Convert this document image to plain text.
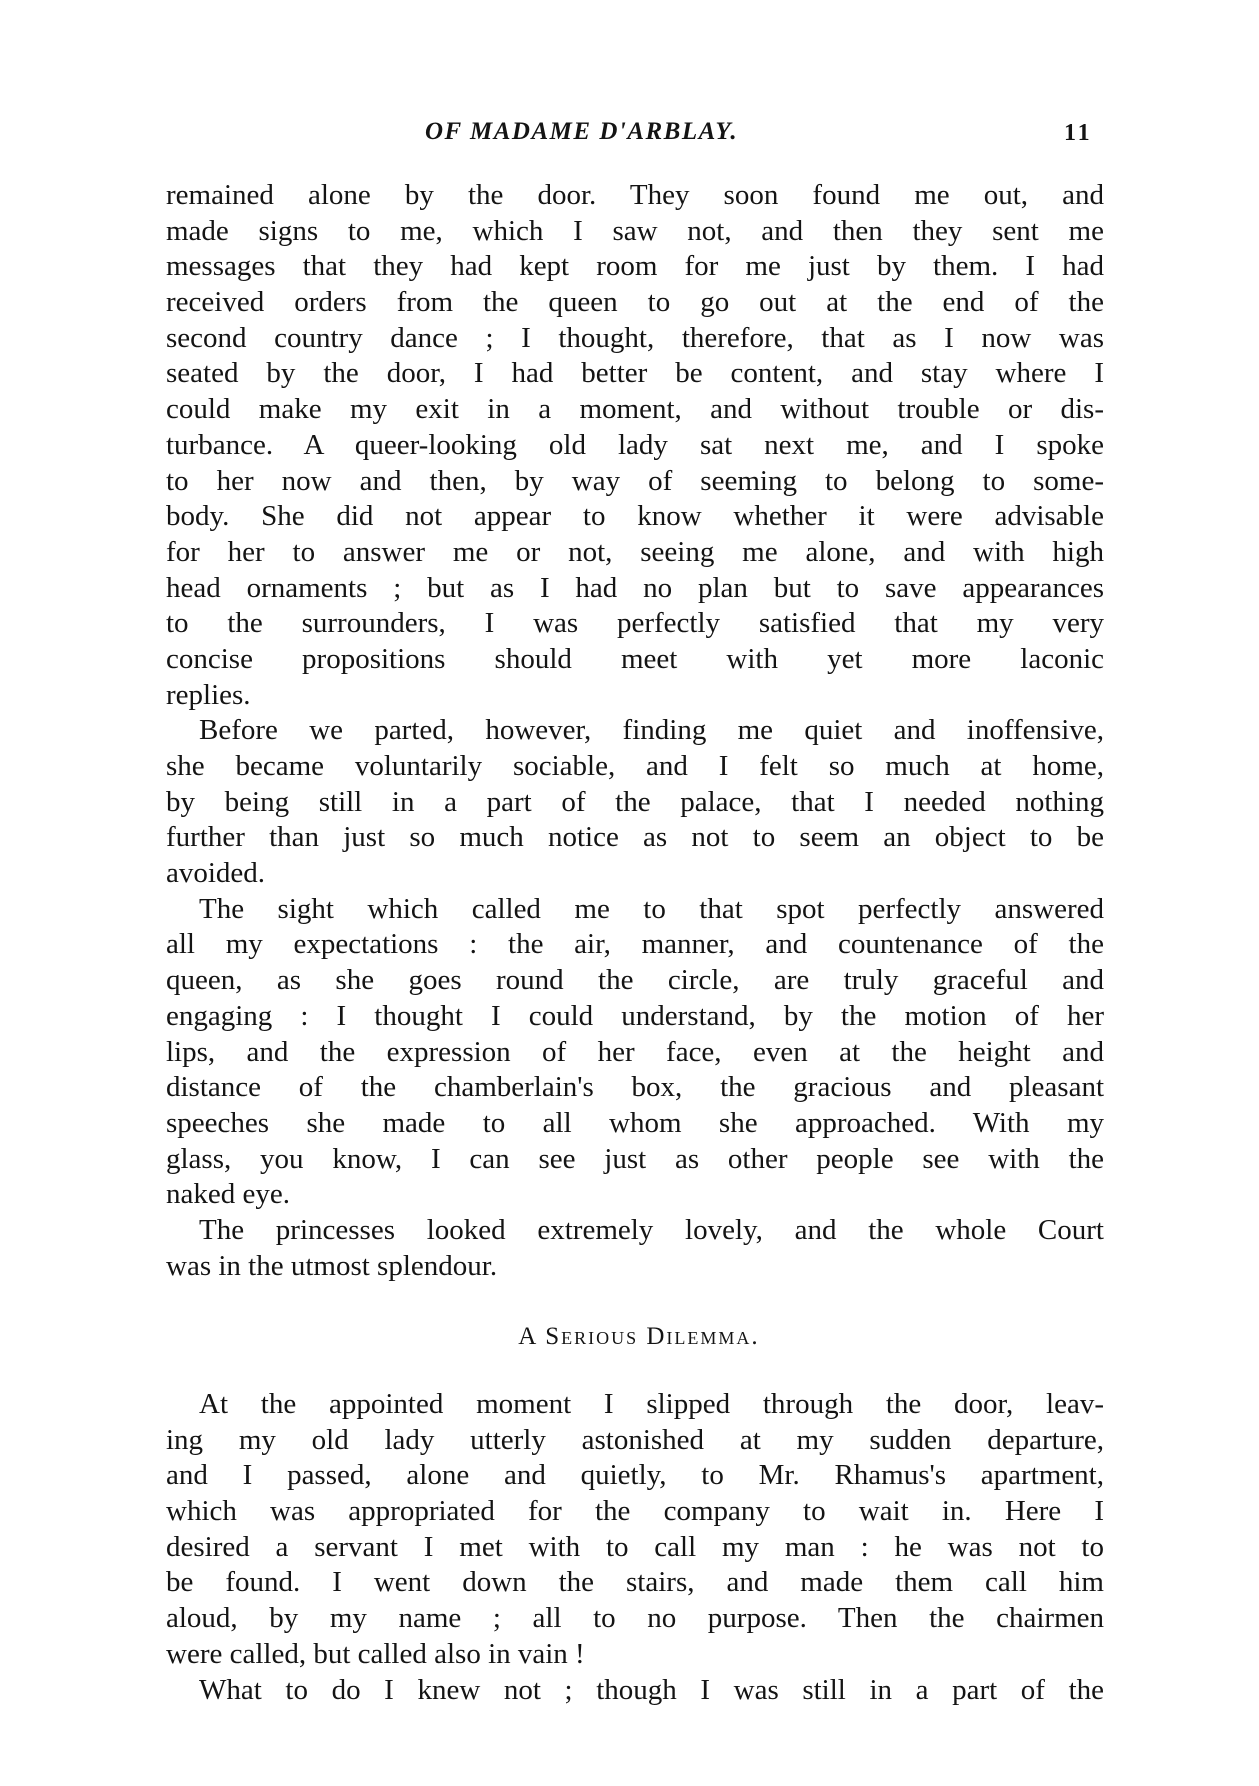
OF MADAME D'ARBLAY.	11
remained alone by the door. They soon found me out, and
made signs to me, which I saw not, and then they sent me
messages that they had kept room for me just by them. I had
received orders from the queen to go out at the end of the
second country dance ; I thought, therefore, that as I now was
seated by the door, I had better be content, and stay where I
could make my exit in a moment, and without trouble or dis-
turbance. A queer-looking old lady sat next me, and I spoke
to her now and then, by way of seeming to belong to some-
body. She did not appear to know whether it were advisable
for her to answer me or not, seeing me alone, and with high
head ornaments ; but as I had no plan but to save appearances
to the surrounders, I was perfectly satisfied that my very
concise propositions should meet with yet more laconic
replies.
Before we parted, however, finding me quiet and inoffensive,
she became voluntarily sociable, and I felt so much at home,
by being still in a part of the palace, that I needed nothing
further than just so much notice as not to seem an object to be
avoided.
The sight which called me to that spot perfectly answered
all my expectations : the air, manner, and countenance of the
queen, as she goes round the circle, are truly graceful and
engaging : I thought I could understand, by the motion of her
lips, and the expression of her face, even at the height and
distance of the chamberlain's box, the gracious and pleasant
speeches she made to all whom she approached. With my
glass, you know, I can see just as other people see with the
naked eye.
The princesses looked extremely lovely, and the whole Court
was in the utmost splendour.
A Serious Dilemma.
At the appointed moment I slipped through the door, leav-
ing my old lady utterly astonished at my sudden departure,
and I passed, alone and quietly, to Mr. Rhamus's apartment,
which was appropriated for the company to wait in. Here I
desired a servant I met with to call my man : he was not to
be found. I went down the stairs, and made them call him
aloud, by my name ; all to no purpose. Then the chairmen
were called, but called also in vain !
What to do I knew not ; though I was still in a part of the
